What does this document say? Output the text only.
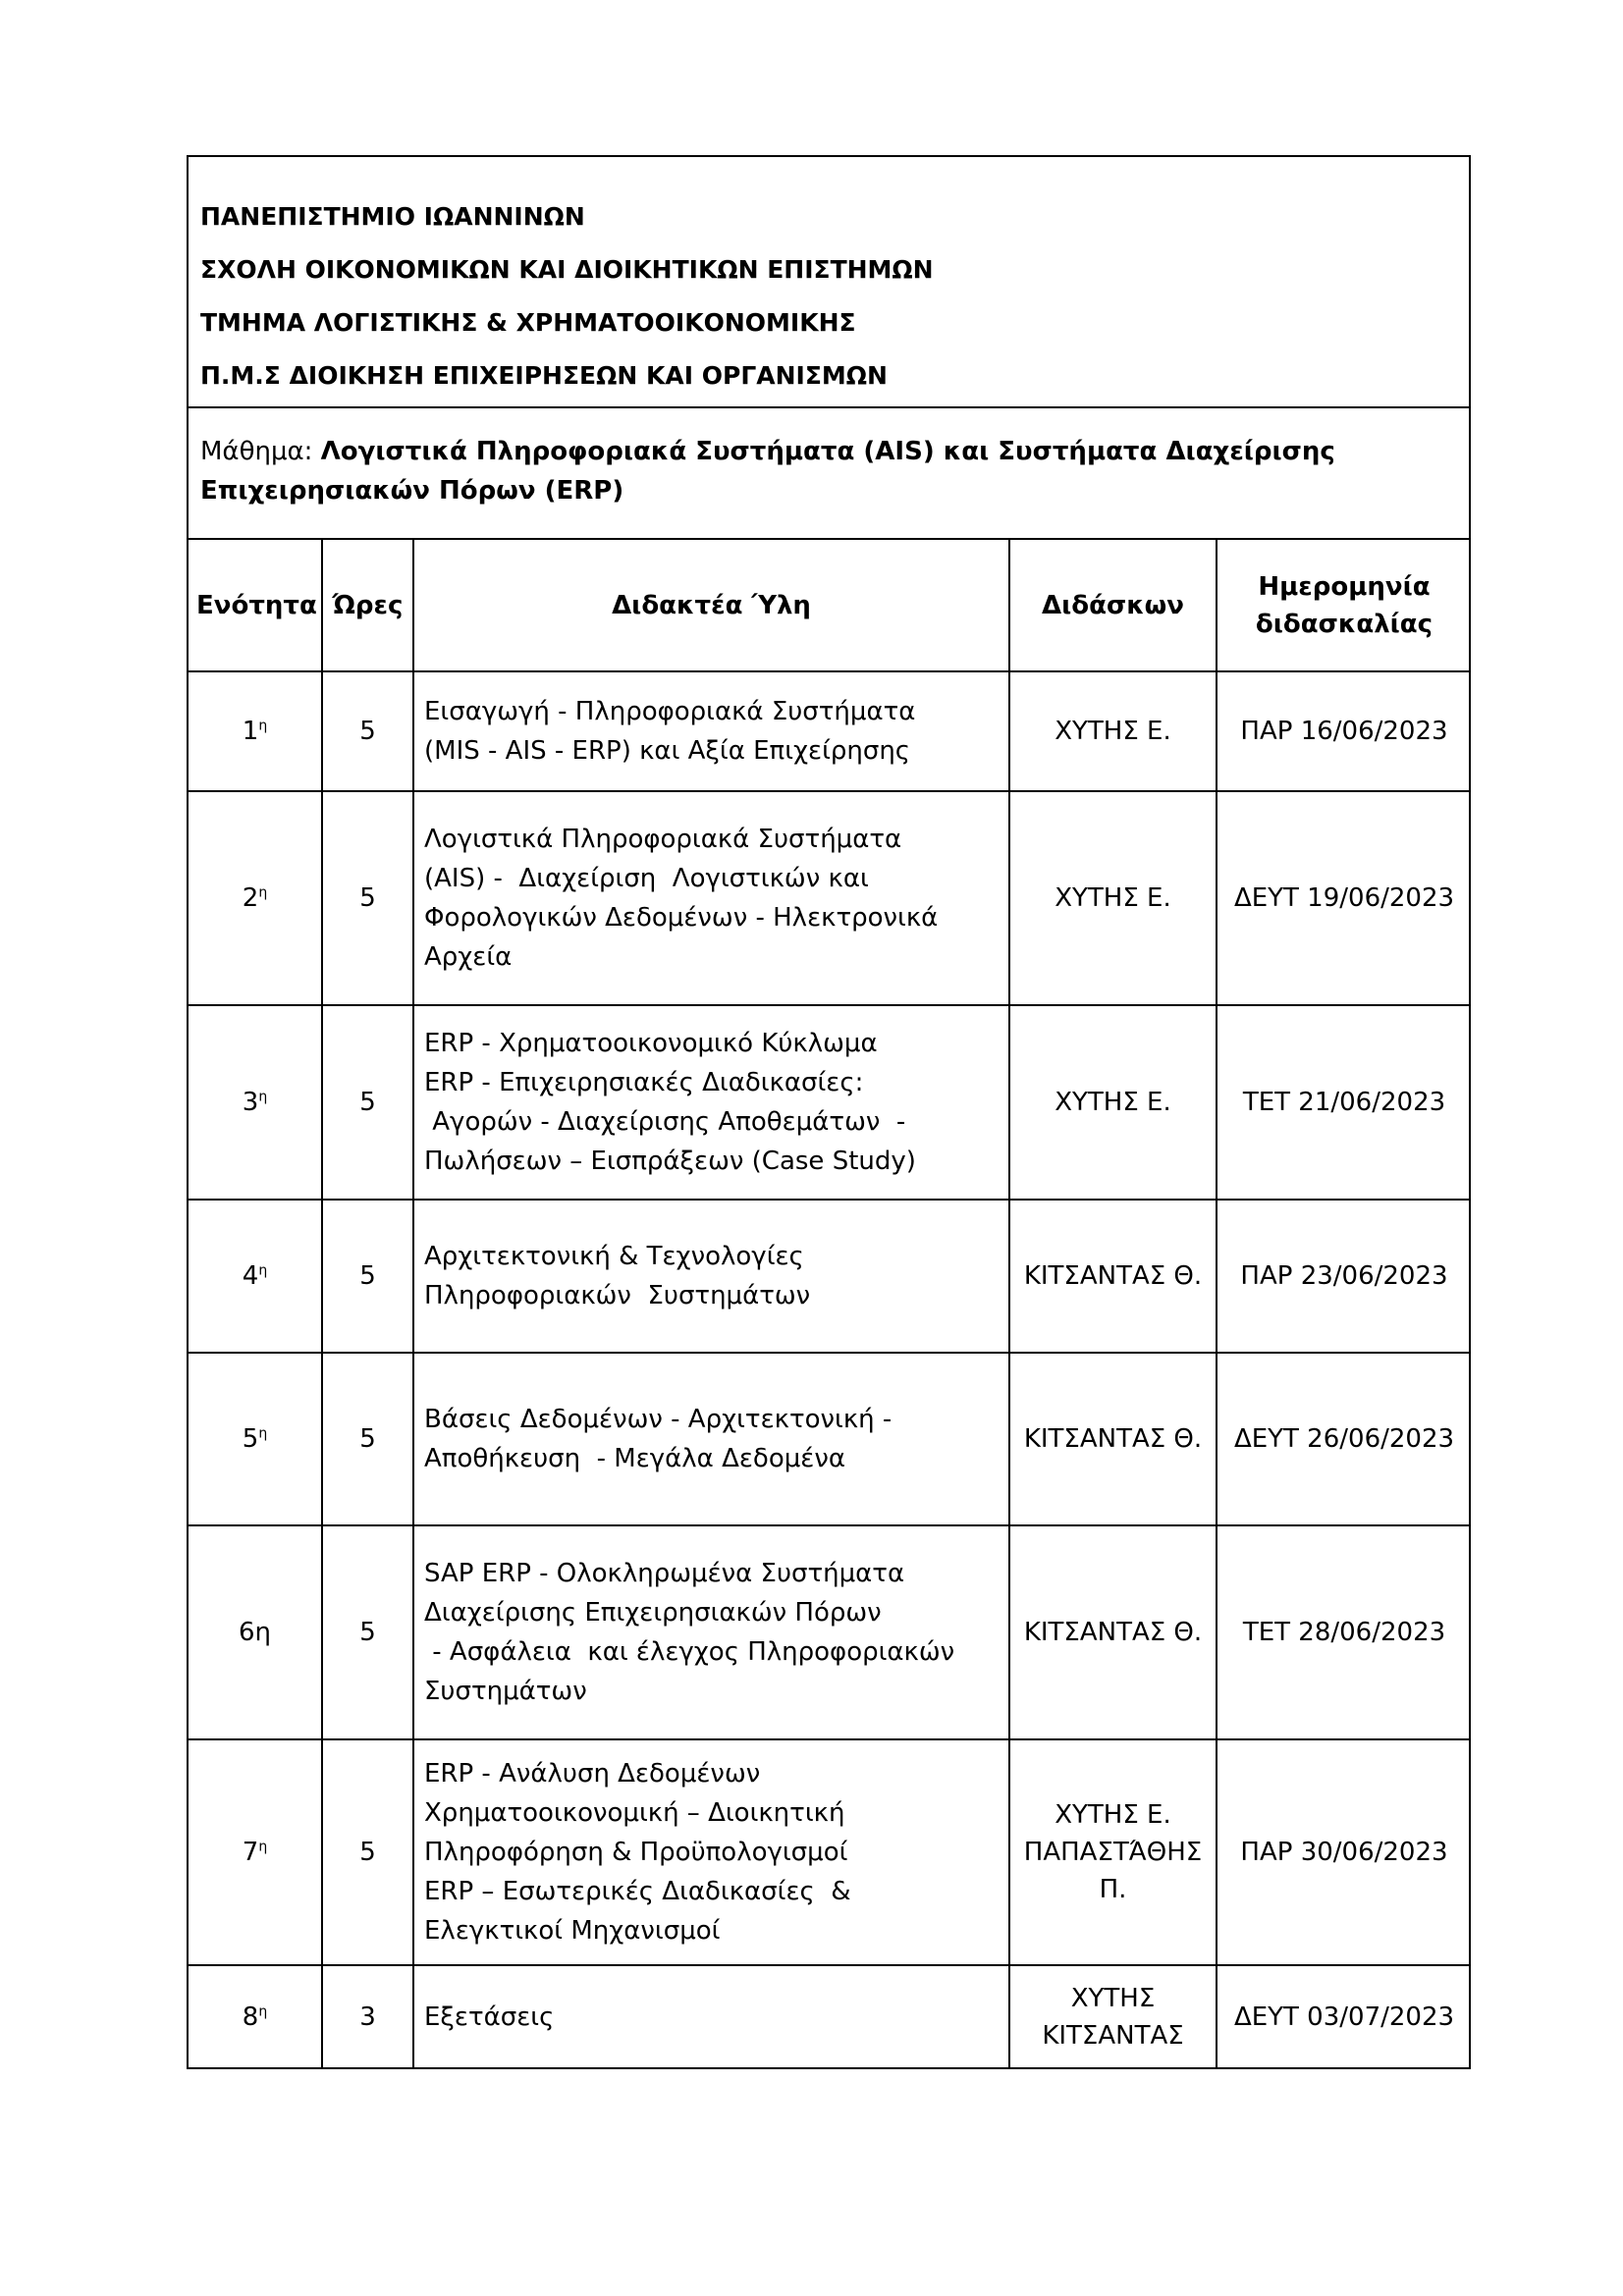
ΠΑΝΕΠΙΣΤΗΜΙΟ ΙΩΑΝΝΙΝΩΝ
ΣΧΟΛΗ ΟΙΚΟΝΟΜΙΚΩΝ ΚΑΙ ΔΙΟΙΚΗΤΙΚΩΝ ΕΠΙΣΤΗΜΩΝ
ΤΜΗΜΑ ΛΟΓΙΣΤΙΚΗΣ & ΧΡΗΜΑΤΟΟΙΚΟΝΟΜΙΚΗΣ
Π.Μ.Σ ΔΙΟΙΚΗΣΗ ΕΠΙΧΕΙΡΗΣΕΩΝ ΚΑΙ ΟΡΓΑΝΙΣΜΩΝ
Μάθημα: Λογιστικά Πληροφοριακά Συστήματα (AIS) και Συστήματα Διαχείρισης Επιχειρησιακών Πόρων (ERP)
Ενότητα	Ώρες	Διδακτέα Ύλη	Διδάσκων	Ημερομηνία διδασκαλίας
$1^\eta$	5	Εισαγωγή - Πληροφοριακά Συστήματα
(MIS - AIS - ERP) και Αξία Επιχείρησης	ΧΥΤΗΣ Ε.	ΠΑΡ 16/06/2023
$2^\eta$	5	Λογιστικά Πληροφοριακά Συστήματα
(AIS) -  Διαχείριση  Λογιστικών και
Φορολογικών Δεδομένων - Ηλεκτρονικά
Αρχεία	ΧΥΤΗΣ Ε.	ΔΕΥΤ 19/06/2023
$3^\eta$	5	ERP - Χρηματοοικονομικό Κύκλωμα
ERP - Επιχειρησιακές Διαδικασίες:
Αγορών - Διαχείρισης Αποθεμάτων  -
Πωλήσεων – Εισπράξεων (Case Study)	ΧΥΤΗΣ Ε.	ΤΕΤ 21/06/2023
$4^\eta$	5	Αρχιτεκτονική & Τεχνολογίες
Πληροφοριακών  Συστημάτων	ΚΙΤΣΑΝΤΑΣ Θ.	ΠΑΡ 23/06/2023
$5^\eta$	5	Βάσεις Δεδομένων - Αρχιτεκτονική -
Αποθήκευση  - Μεγάλα Δεδομένα	ΚΙΤΣΑΝΤΑΣ Θ.	ΔΕΥΤ 26/06/2023
6η	5	SAP ERP - Ολοκληρωμένα Συστήματα
Διαχείρισης Επιχειρησιακών Πόρων
- Ασφάλεια  και έλεγχος Πληροφοριακών
Συστημάτων	ΚΙΤΣΑΝΤΑΣ Θ.	ΤΕΤ 28/06/2023
$7^\eta$	5	ERP - Ανάλυση Δεδομένων
Χρηματοοικονομική – Διοικητική
Πληροφόρηση & Προϋπολογισμοί
ERP – Εσωτερικές Διαδικασίες  &
Ελεγκτικοί Μηχανισμοί	ΧΥΤΗΣ Ε.
ΠΑΠΑΣΤΆΘΗΣ
Π.	ΠΑΡ 30/06/2023
$8^\eta$	3	Εξετάσεις	ΧΥΤΗΣ
ΚΙΤΣΑΝΤΑΣ	ΔΕΥΤ 03/07/2023
